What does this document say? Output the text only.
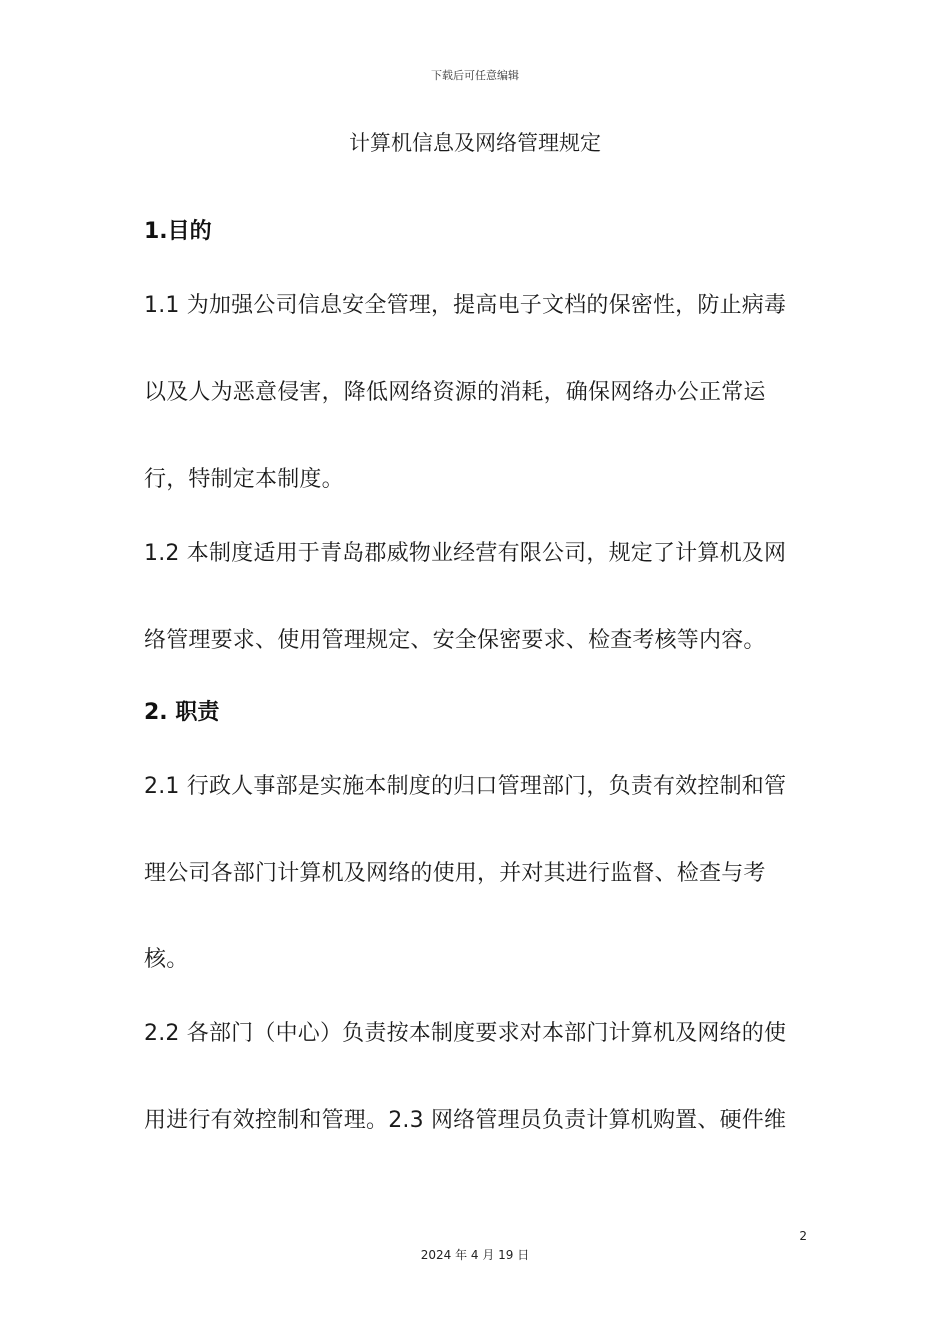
下载后可任意编辑
计算机信息及网络管理规定
1.目的
1.1 为加强公司信息安全管理，提高电子文档的保密性，防止病毒
以及人为恶意侵害，降低网络资源的消耗，确保网络办公正常运
行，特制定本制度。
1.2 本制度适用于青岛郡威物业经营有限公司，规定了计算机及网
络管理要求、使用管理规定、安全保密要求、检查考核等内容。
2. 职责
2.1 行政人事部是实施本制度的归口管理部门，负责有效控制和管
理公司各部门计算机及网络的使用，并对其进行监督、检查与考
核。
2.2 各部门（中心）负责按本制度要求对本部门计算机及网络的使
用进行有效控制和管理。2.3 网络管理员负责计算机购置、硬件维
2
2024 年 4 月 19 日
